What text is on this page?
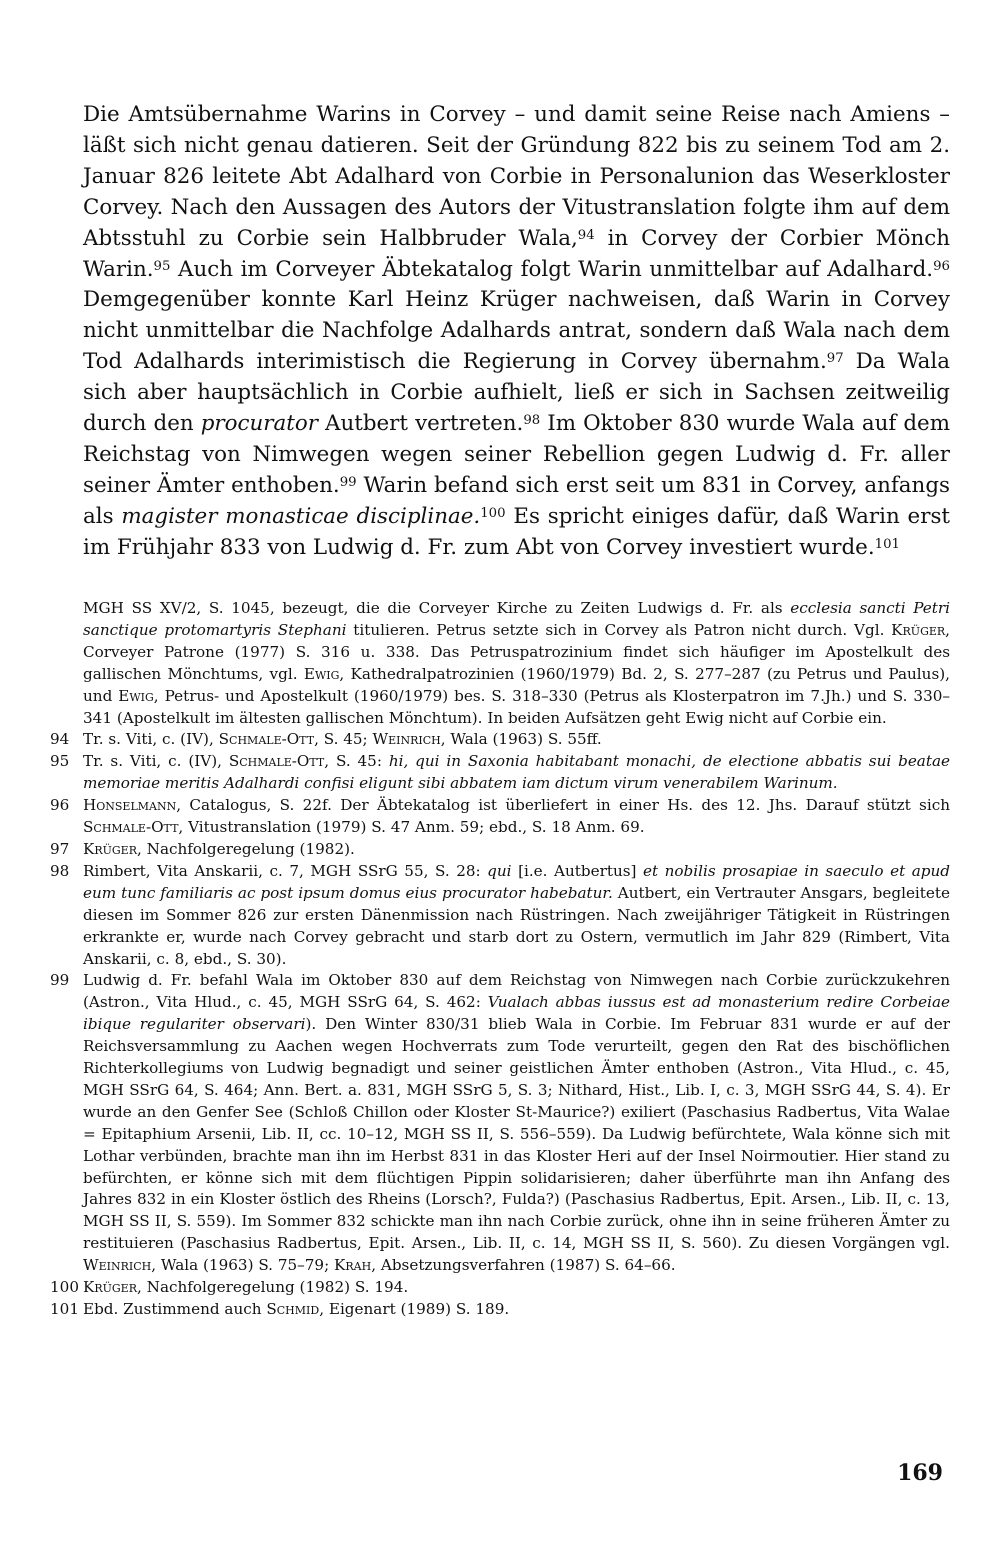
Die Amtsübernahme Warins in Corvey – und damit seine Reise nach Amiens – läßt sich nicht genau datieren. Seit der Gründung 822 bis zu seinem Tod am 2. Januar 826 leitete Abt Adalhard von Corbie in Personalunion das Weserkloster Corvey. Nach den Aussagen des Autors der Vitustranslation folgte ihm auf dem Abtsstuhl zu Corbie sein Halbbruder Wala,$^{94}$ in Corvey der Corbier Mönch Warin.$^{95}$ Auch im Corveyer Äbtekatalog folgt Warin unmittelbar auf Adalhard.$^{96}$ Demgegenüber konnte Karl Heinz Krüger nachweisen, daß Warin in Corvey nicht unmittelbar die Nachfolge Adalhards antrat, sondern daß Wala nach dem Tod Adalhards interimistisch die Regierung in Corvey übernahm.$^{97}$ Da Wala sich aber hauptsächlich in Corbie aufhielt, ließ er sich in Sachsen zeitweilig durch den procurator Autbert vertreten.$^{98}$ Im Oktober 830 wurde Wala auf dem Reichstag von Nimwegen wegen seiner Rebellion gegen Ludwig d. Fr. aller seiner Ämter enthoben.$^{99}$ Warin befand sich erst seit um 831 in Corvey, anfangs als magister monasticae disciplinae.$^{100}$ Es spricht einiges dafür, daß Warin erst im Frühjahr 833 von Ludwig d. Fr. zum Abt von Corvey investiert wurde.$^{101}$

MGH SS XV/2, S. 1045, bezeugt, die die Corveyer Kirche zu Zeiten Ludwigs d. Fr. als ecclesia sancti Petri sanctique protomartyris Stephani titulieren. Petrus setzte sich in Corvey als Patron nicht durch. Vgl. Krüger, Corveyer Patrone (1977) S. 316 u. 338. Das Petruspatrozinium findet sich häufiger im Apostelkult des gallischen Mönchtums, vgl. Ewig, Kathedralpatrozinien (1960/1979) Bd. 2, S. 277–287 (zu Petrus und Paulus), und Ewig, Petrus- und Apostelkult (1960/1979) bes. S. 318–330 (Petrus als Klosterpatron im 7.Jh.) und S. 330–341 (Apostelkult im ältesten gallischen Mönchtum). In beiden Aufsätzen geht Ewig nicht auf Corbie ein.

94 Tr. s. Viti, c. (IV), Schmale-Ott, S. 45; Weinrich, Wala (1963) S. 55ff.

95 Tr. s. Viti, c. (IV), Schmale-Ott, S. 45: hi, qui in Saxonia habitabant monachi, de electione abbatis sui beatae memoriae meritis Adalhardi confisi eligunt sibi abbatem iam dictum virum venerabilem Warinum.

96 Honselmann, Catalogus, S. 22f. Der Äbtekatalog ist überliefert in einer Hs. des 12. Jhs. Darauf stützt sich Schmale-Ott, Vitustranslation (1979) S. 47 Anm. 59; ebd., S. 18 Anm. 69.

97 Krüger, Nachfolgeregelung (1982).

98 Rimbert, Vita Anskarii, c. 7, MGH SSrG 55, S. 28: qui [i.e. Autbertus] et nobilis prosapiae in saeculo et apud eum tunc familiaris ac post ipsum domus eius procurator habebatur. Autbert, ein Vertrauter Ansgars, begleitete diesen im Sommer 826 zur ersten Dänenmission nach Rüstringen. Nach zweijähriger Tätigkeit in Rüstringen erkrankte er, wurde nach Corvey gebracht und starb dort zu Ostern, vermutlich im Jahr 829 (Rimbert, Vita Anskarii, c. 8, ebd., S. 30).

99 Ludwig d. Fr. befahl Wala im Oktober 830 auf dem Reichstag von Nimwegen nach Corbie zurückzukehren (Astron., Vita Hlud., c. 45, MGH SSrG 64, S. 462: Vualach abbas iussus est ad monasterium redire Corbeiae ibique regulariter observari). Den Winter 830/31 blieb Wala in Corbie. Im Februar 831 wurde er auf der Reichsversammlung zu Aachen wegen Hochverrats zum Tode verurteilt, gegen den Rat des bischöflichen Richterkollegiums von Ludwig begnadigt und seiner geistlichen Ämter enthoben (Astron., Vita Hlud., c. 45, MGH SSrG 64, S. 464; Ann. Bert. a. 831, MGH SSrG 5, S. 3; Nithard, Hist., Lib. I, c. 3, MGH SSrG 44, S. 4). Er wurde an den Genfer See (Schloß Chillon oder Kloster St-Maurice?) exiliert (Paschasius Radbertus, Vita Walae = Epitaphium Arsenii, Lib. II, cc. 10–12, MGH SS II, S. 556–559). Da Ludwig befürchtete, Wala könne sich mit Lothar verbünden, brachte man ihn im Herbst 831 in das Kloster Heri auf der Insel Noirmoutier. Hier stand zu befürchten, er könne sich mit dem flüchtigen Pippin solidarisieren; daher überführte man ihn Anfang des Jahres 832 in ein Kloster östlich des Rheins (Lorsch?, Fulda?) (Paschasius Radbertus, Epit. Arsen., Lib. II, c. 13, MGH SS II, S. 559). Im Sommer 832 schickte man ihn nach Corbie zurück, ohne ihn in seine früheren Ämter zu restituieren (Paschasius Radbertus, Epit. Arsen., Lib. II, c. 14, MGH SS II, S. 560). Zu diesen Vorgängen vgl. Weinrich, Wala (1963) S. 75–79; Krah, Absetzungsverfahren (1987) S. 64–66.

100 Krüger, Nachfolgeregelung (1982) S. 194.

101 Ebd. Zustimmend auch Schmid, Eigenart (1989) S. 189.

169
